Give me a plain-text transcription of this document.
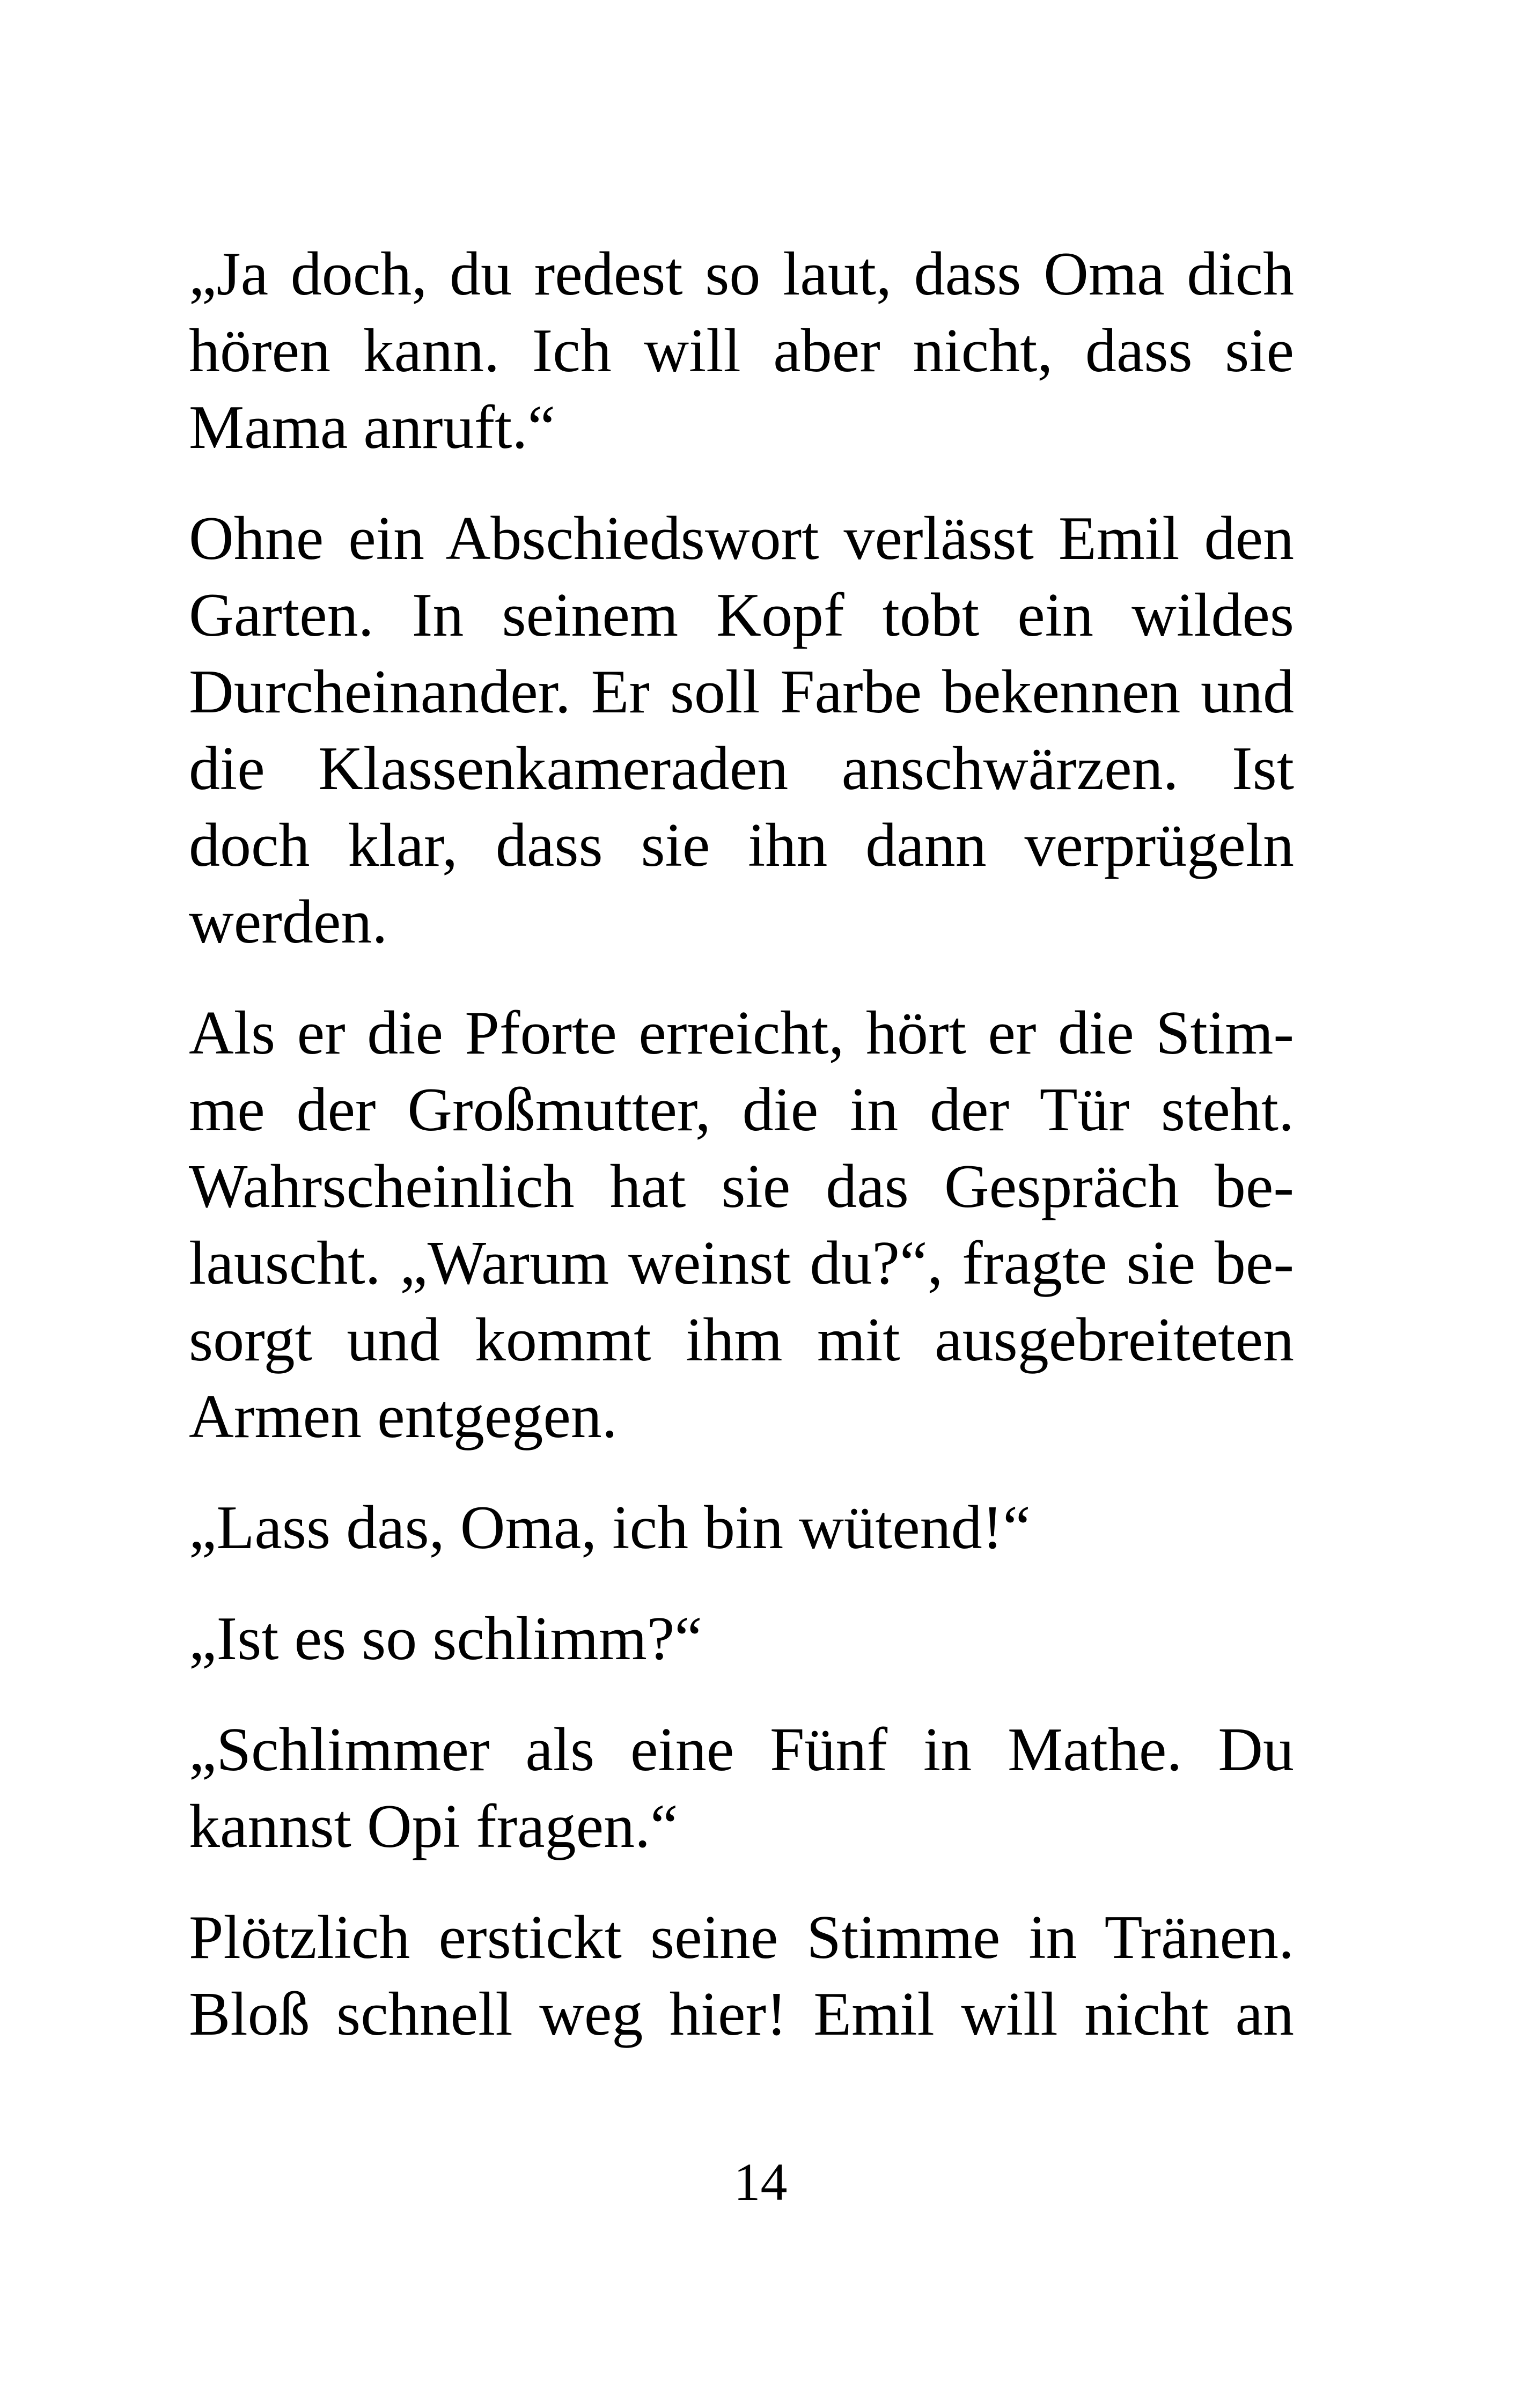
„Ja doch, du redest so laut, dass Oma dich
hören kann. Ich will aber nicht, dass sie
Mama anruft.“

Ohne ein Abschiedswort verlässt Emil den
Garten. In seinem Kopf tobt ein wildes
Durcheinander. Er soll Farbe bekennen und
die Klassenkameraden anschwärzen. Ist
doch klar, dass sie ihn dann verprügeln
werden.

Als er die Pforte erreicht, hört er die Stim-
me der Großmutter, die in der Tür steht.
Wahrscheinlich hat sie das Gespräch be-
lauscht. „Warum weinst du?“, fragte sie be-
sorgt und kommt ihm mit ausgebreiteten
Armen entgegen.

„Lass das, Oma, ich bin wütend!“

„Ist es so schlimm?“

„Schlimmer als eine Fünf in Mathe. Du
kannst Opi fragen.“

Plötzlich erstickt seine Stimme in Tränen.
Bloß schnell weg hier! Emil will nicht an

14
